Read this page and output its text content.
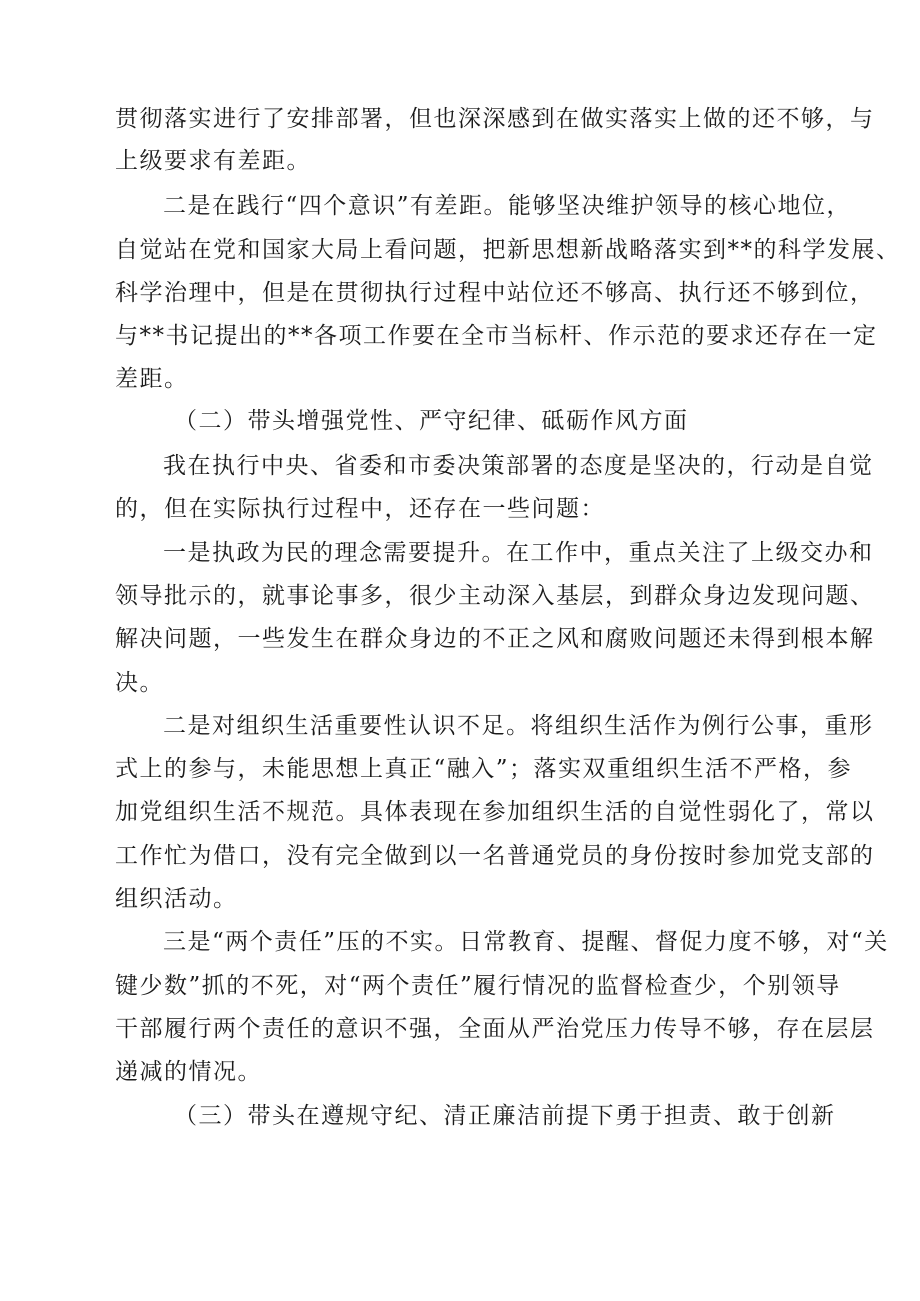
贯彻落实进行了安排部署，但也深深感到在做实落实上做的还不够，与
上级要求有差距。
二是在践行“四个意识”有差距。能够坚决维护领导的核心地位，
自觉站在党和国家大局上看问题，把新思想新战略落实到**的科学发展、
科学治理中，但是在贯彻执行过程中站位还不够高、执行还不够到位，
与**书记提出的**各项工作要在全市当标杆、作示范的要求还存在一定
差距。
（二）带头增强党性、严守纪律、砥砺作风方面
我在执行中央、省委和市委决策部署的态度是坚决的，行动是自觉
的，但在实际执行过程中，还存在一些问题：
一是执政为民的理念需要提升。在工作中，重点关注了上级交办和
领导批示的，就事论事多，很少主动深入基层，到群众身边发现问题、
解决问题，一些发生在群众身边的不正之风和腐败问题还未得到根本解
决。
二是对组织生活重要性认识不足。将组织生活作为例行公事，重形
式上的参与，未能思想上真正“融入”；落实双重组织生活不严格，参
加党组织生活不规范。具体表现在参加组织生活的自觉性弱化了，常以
工作忙为借口，没有完全做到以一名普通党员的身份按时参加党支部的
组织活动。
三是“两个责任”压的不实。日常教育、提醒、督促力度不够，对“关
键少数”抓的不死，对“两个责任”履行情况的监督检查少，个别领导
干部履行两个责任的意识不强，全面从严治党压力传导不够，存在层层
递减的情况。
（三）带头在遵规守纪、清正廉洁前提下勇于担责、敢于创新
